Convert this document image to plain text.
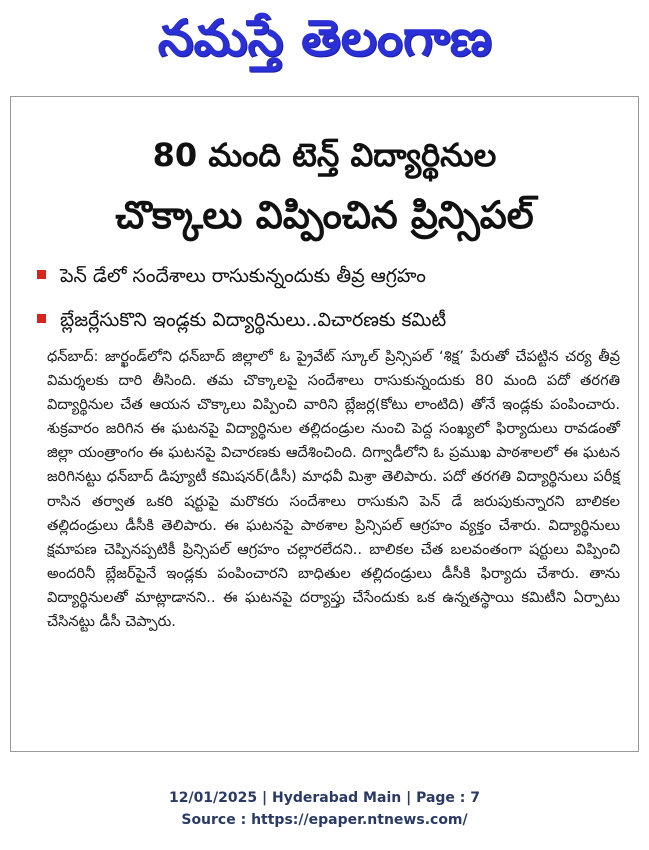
నమస్తే తెలంగాణ
80 మంది టెన్త్ విద్యార్థినుల
చొక్కాలు విప్పించిన ప్రిన్సిపల్
పెన్ డేలో సందేశాలు రాసుకున్నందుకు తీవ్ర ఆగ్రహం
బ్లేజర్లేసుకొని ఇండ్లకు విద్యార్థినులు..విచారణకు కమిటీ
ధన్‌బాద్: జార్ఖండ్‌లోని ధన్‌బాద్ జిల్లాలో ఓ ప్రైవేట్ స్కూల్ ప్రిన్సిపల్ ‘శిక్ష’ పేరుతో చేపట్టిన చర్య తీవ్ర విమర్శలకు దారి తీసింది. తమ చొక్కాలపై సందేశాలు రాసుకున్నందుకు 80 మంది పదో తరగతి విద్యార్థినుల చేత ఆయన చొక్కాలు విప్పించి వారిని బ్లేజర్ల(కోటు లాంటిది) తోనే ఇండ్లకు పంపించారు. శుక్రవారం జరిగిన ఈ ఘటనపై విద్యార్థినుల తల్లిదండ్రుల నుంచి పెద్ద సంఖ్యలో ఫిర్యాదులు రావడంతో జిల్లా యంత్రాంగం ఈ ఘటనపై విచారణకు ఆదేశించింది. దిగ్వాడీలోని ఓ ప్రముఖ పాఠశాలలో ఈ ఘటన జరిగినట్టు ధన్‌బాద్ డిప్యూటీ కమిషనర్(డీసీ) మాధవీ మిశ్రా తెలిపారు. పదో తరగతి విద్యార్థినులు పరీక్ష రాసిన తర్వాత ఒకరి షర్టుపై మరొకరు సందేశాలు రాసుకుని పెన్ డే జరుపుకున్నారని బాలికల తల్లిదండ్రులు డీసీకి తెలిపారు. ఈ ఘటనపై పాఠశాల ప్రిన్సిపల్ ఆగ్రహం వ్యక్తం చేశారు. విద్యార్థినులు క్షమాపణ చెప్పినప్పటికీ ప్రిన్సిపల్ ఆగ్రహం చల్లారలేదని.. బాలికల చేత బలవంతంగా షర్టులు విప్పించి అందరినీ బ్లేజర్‌పైనే ఇండ్లకు పంపించారని బాధితుల తల్లిదండ్రులు డీసీకి ఫిర్యాదు చేశారు. తాను విద్యార్థినులతో మాట్లాడానని.. ఈ ఘటనపై దర్యాప్తు చేసేందుకు ఒక ఉన్నతస్థాయి కమిటీని ఏర్పాటు చేసినట్టు డీసీ చెప్పారు.
12/01/2025 | Hyderabad Main | Page : 7
Source : https://epaper.ntnews.com/
